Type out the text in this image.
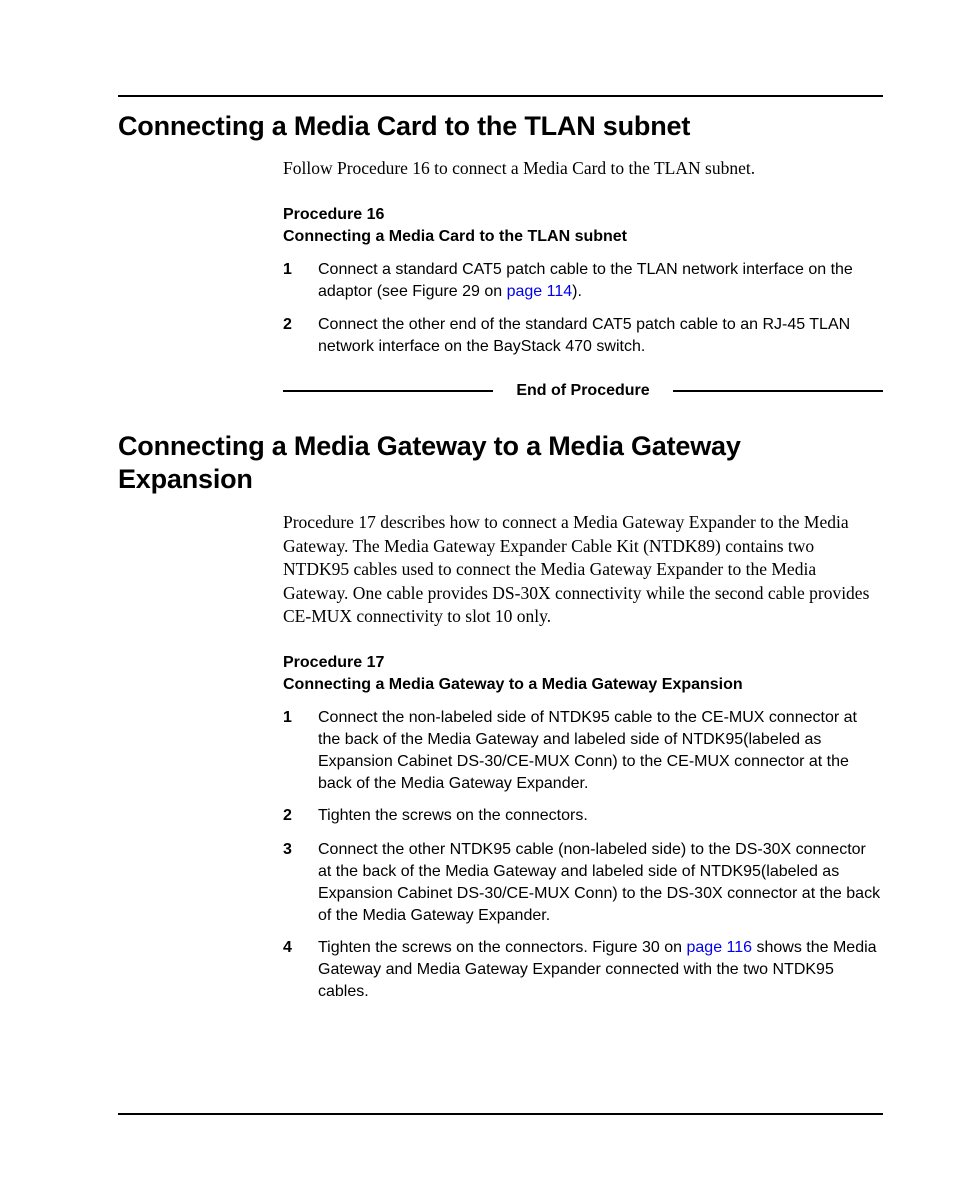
Connecting a Media Card to the TLAN subnet

Follow Procedure 16 to connect a Media Card to the TLAN subnet.

Procedure 16
Connecting a Media Card to the TLAN subnet
1 Connect a standard CAT5 patch cable to the TLAN network interface on the adaptor (see Figure 29 on page 114).

2 Connect the other end of the standard CAT5 patch cable to an RJ-45 TLAN network interface on the BayStack 470 switch.

End of Procedure
Connecting a Media Gateway to a Media Gateway
Expansion

Procedure 17 describes how to connect a Media Gateway Expander to the Media Gateway. The Media Gateway Expander Cable Kit (NTDK89) contains two NTDK95 cables used to connect the Media Gateway Expander to the Media Gateway. One cable provides DS-30X connectivity while the second cable provides CE-MUX connectivity to slot 10 only.

Procedure 17
Connecting a Media Gateway to a Media Gateway Expansion
1 Connect the non-labeled side of NTDK95 cable to the CE-MUX connector at the back of the Media Gateway and labeled side of NTDK95(labeled as Expansion Cabinet DS-30/CE-MUX Conn) to the CE-MUX connector at the back of the Media Gateway Expander.

2 Tighten the screws on the connectors.

3 Connect the other NTDK95 cable (non-labeled side) to the DS-30X connector at the back of the Media Gateway and labeled side of NTDK95(labeled as Expansion Cabinet DS-30/CE-MUX Conn) to the DS-30X connector at the back of the Media Gateway Expander.

4 Tighten the screws on the connectors. Figure 30 on page 116 shows the Media Gateway and Media Gateway Expander connected with the two NTDK95 cables.
